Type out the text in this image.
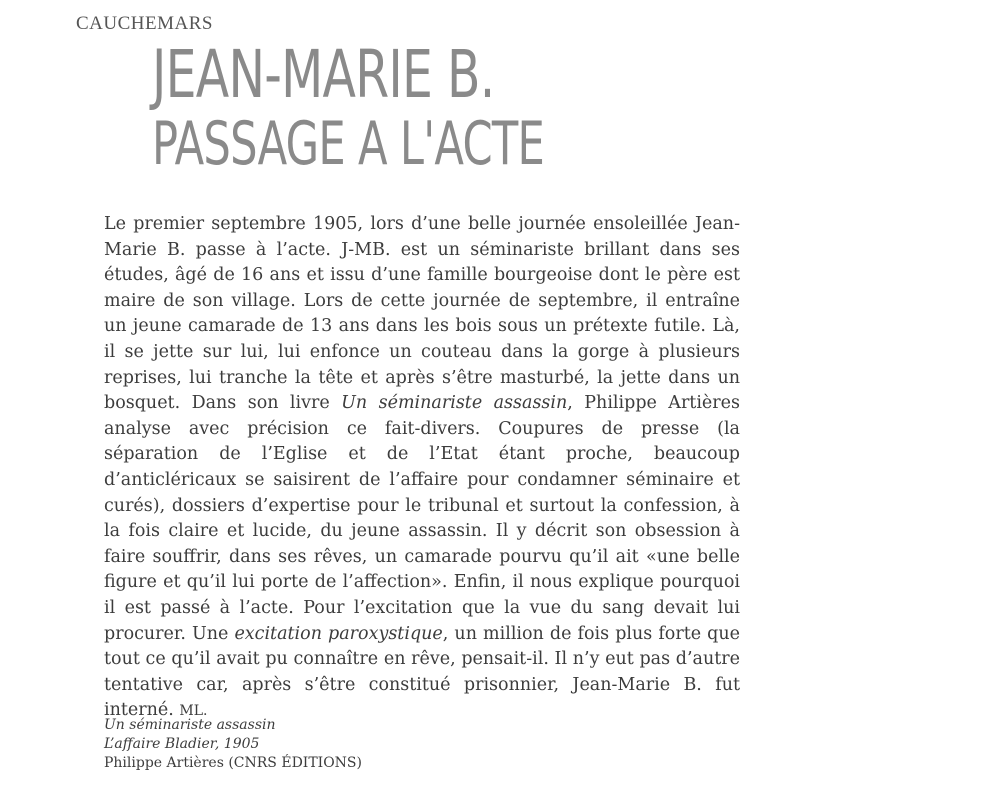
CAUCHEMARS
JEAN-MARIE B.
PASSAGE A L'ACTE

Le premier septembre 1905, lors d’une belle journée ensoleillée Jean-Marie B. passe à l’acte. J-MB. est un séminariste brillant dans ses études, âgé de 16 ans et issu d’une famille bourgeoise dont le père est maire de son village. Lors de cette journée de septembre, il entraîne un jeune camarade de 13 ans dans les bois sous un prétexte futile. Là, il se jette sur lui, lui enfonce un couteau dans la gorge à plusieurs reprises, lui tranche la tête et après s’être masturbé, la jette dans un bosquet. Dans son livre Un séminariste assassin, Philippe Artières analyse avec précision ce fait-divers. Coupures de presse (la séparation de l’Eglise et de l’Etat étant proche, beaucoup d’anticléricaux se saisirent de l’affaire pour condamner séminaire et curés), dossiers d’expertise pour le tribunal et surtout la confession, à la fois claire et lucide, du jeune assassin. Il y décrit son obsession à faire souffrir, dans ses rêves, un camarade pourvu qu’il ait «une belle figure et qu’il lui porte de l’affection». Enfin, il nous explique pourquoi il est passé à l’acte. Pour l’excitation que la vue du sang devait lui procurer. Une excitation paroxystique, un million de fois plus forte que tout ce qu’il avait pu connaître en rêve, pensait-il. Il n’y eut pas d’autre tentative car, après s’être constitué prisonnier, Jean-Marie B. fut interné. ML.

Un séminariste assassin
L’affaire Bladier, 1905
Philippe Artières (CNRS ÉDITIONS)
